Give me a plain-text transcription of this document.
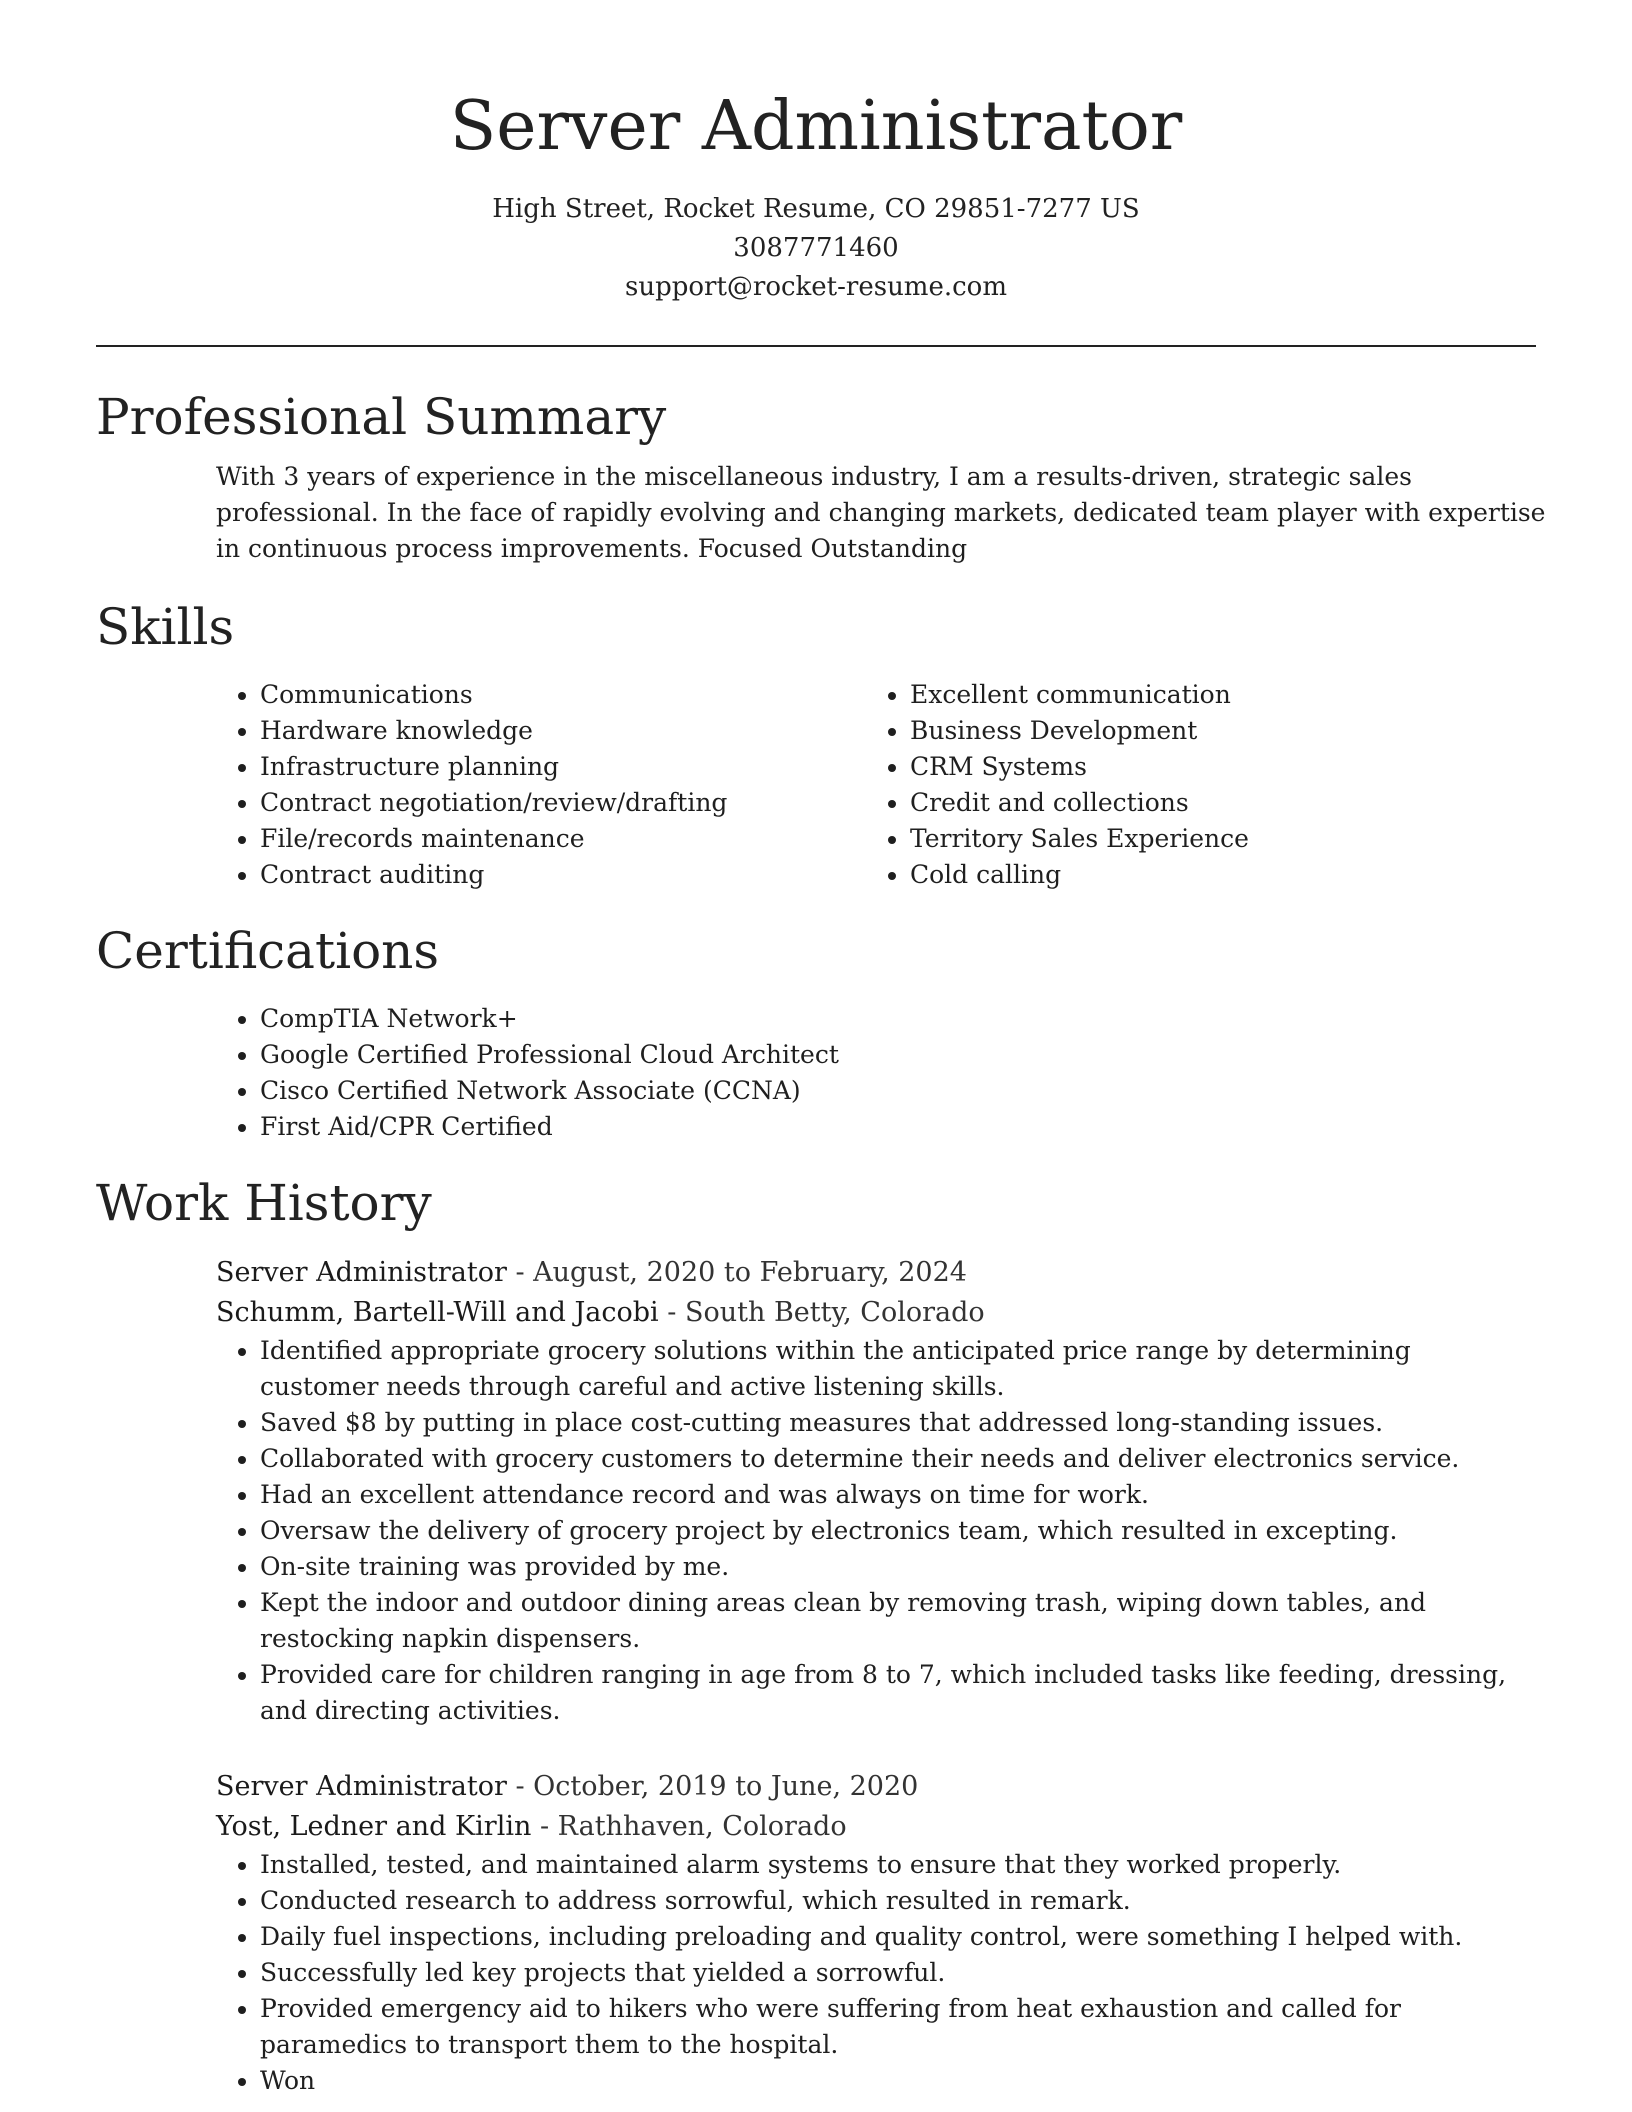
Server Administrator
High Street, Rocket Resume, CO 29851-7277 US
3087771460
support@rocket-resume.com
Professional Summary

With 3 years of experience in the miscellaneous industry, I am a results-driven, strategic sales professional. In the face of rapidly evolving and changing markets, dedicated team player with expertise in continuous process improvements. Focused Outstanding

Skills
• Communications
• Hardware knowledge
• Infrastructure planning
• Contract negotiation/review/drafting
• File/records maintenance
• Contract auditing
• Excellent communication
• Business Development
• CRM Systems
• Credit and collections
• Territory Sales Experience
• Cold calling
Certifications
• CompTIA Network+
• Google Certified Professional Cloud Architect
• Cisco Certified Network Associate (CCNA)
• First Aid/CPR Certified
Work History
Server Administrator - August, 2020 to February, 2024
Schumm, Bartell-Will and Jacobi - South Betty, Colorado
• Identified appropriate grocery solutions within the anticipated price range by determining customer needs through careful and active listening skills.
• Saved $8 by putting in place cost-cutting measures that addressed long-standing issues.
• Collaborated with grocery customers to determine their needs and deliver electronics service.
• Had an excellent attendance record and was always on time for work.
• Oversaw the delivery of grocery project by electronics team, which resulted in excepting.
• On-site training was provided by me.
• Kept the indoor and outdoor dining areas clean by removing trash, wiping down tables, and restocking napkin dispensers.
• Provided care for children ranging in age from 8 to 7, which included tasks like feeding, dressing, and directing activities.
Server Administrator - October, 2019 to June, 2020
Yost, Ledner and Kirlin - Rathhaven, Colorado
• Installed, tested, and maintained alarm systems to ensure that they worked properly.
• Conducted research to address sorrowful, which resulted in remark.
• Daily fuel inspections, including preloading and quality control, were something I helped with.
• Successfully led key projects that yielded a sorrowful.
• Provided emergency aid to hikers who were suffering from heat exhaustion and called for paramedics to transport them to the hospital.
• Won
